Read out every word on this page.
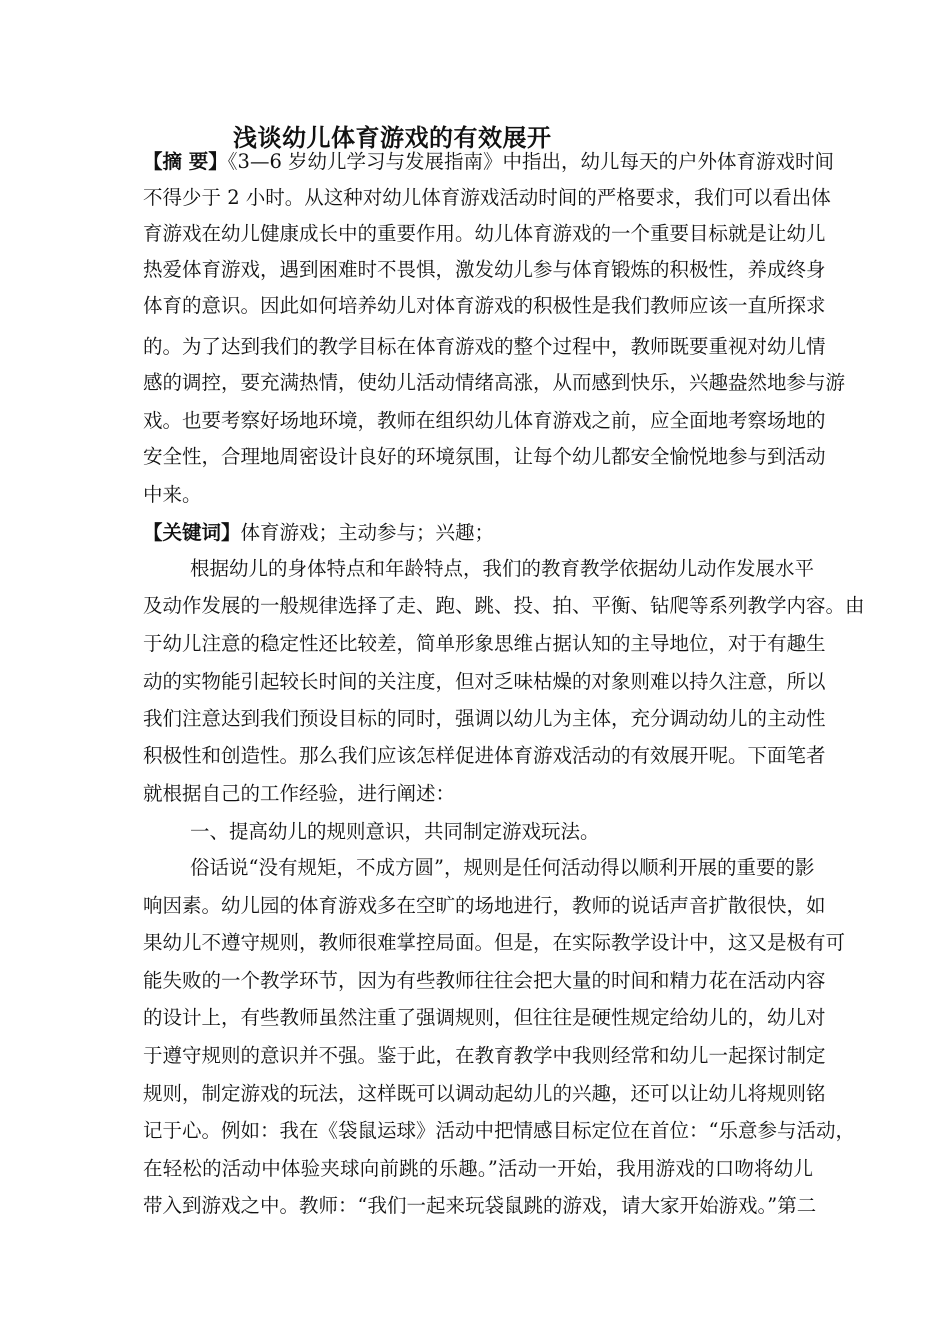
浅谈幼儿体育游戏的有效展开
【摘 要】《3—6 岁幼儿学习与发展指南》中指出，幼儿每天的户外体育游戏时间
不得少于 2 小时。从这种对幼儿体育游戏活动时间的严格要求，我们可以看出体
育游戏在幼儿健康成长中的重要作用。幼儿体育游戏的一个重要目标就是让幼儿
热爱体育游戏，遇到困难时不畏惧，激发幼儿参与体育锻炼的积极性，养成终身
体育的意识。因此如何培养幼儿对体育游戏的积极性是我们教师应该一直所探求
的。为了达到我们的教学目标在体育游戏的整个过程中，教师既要重视对幼儿情
感的调控，要充满热情，使幼儿活动情绪高涨，从而感到快乐，兴趣盎然地参与游
戏。也要考察好场地环境，教师在组织幼儿体育游戏之前，应全面地考察场地的
安全性，合理地周密设计良好的环境氛围，让每个幼儿都安全愉悦地参与到活动
中来。
【关键词】体育游戏；主动参与；兴趣；
根据幼儿的身体特点和年龄特点，我们的教育教学依据幼儿动作发展水平
及动作发展的一般规律选择了走、跑、跳、投、拍、平衡、钻爬等系列教学内容。由
于幼儿注意的稳定性还比较差，简单形象思维占据认知的主导地位，对于有趣生
动的实物能引起较长时间的关注度，但对乏味枯燥的对象则难以持久注意，所以
我们注意达到我们预设目标的同时，强调以幼儿为主体，充分调动幼儿的主动性
积极性和创造性。那么我们应该怎样促进体育游戏活动的有效展开呢。下面笔者
就根据自己的工作经验，进行阐述：
一、提高幼儿的规则意识，共同制定游戏玩法。
俗话说“没有规矩，不成方圆”，规则是任何活动得以顺利开展的重要的影
响因素。幼儿园的体育游戏多在空旷的场地进行，教师的说话声音扩散很快，如
果幼儿不遵守规则，教师很难掌控局面。但是，在实际教学设计中，这又是极有可
能失败的一个教学环节，因为有些教师往往会把大量的时间和精力花在活动内容
的设计上，有些教师虽然注重了强调规则，但往往是硬性规定给幼儿的，幼儿对
于遵守规则的意识并不强。鉴于此，在教育教学中我则经常和幼儿一起探讨制定
规则，制定游戏的玩法，这样既可以调动起幼儿的兴趣，还可以让幼儿将规则铭
记于心。例如：我在《袋鼠运球》活动中把情感目标定位在首位：“乐意参与活动，
在轻松的活动中体验夹球向前跳的乐趣。”活动一开始，我用游戏的口吻将幼儿
带入到游戏之中。教师：“我们一起来玩袋鼠跳的游戏，请大家开始游戏。”第二
